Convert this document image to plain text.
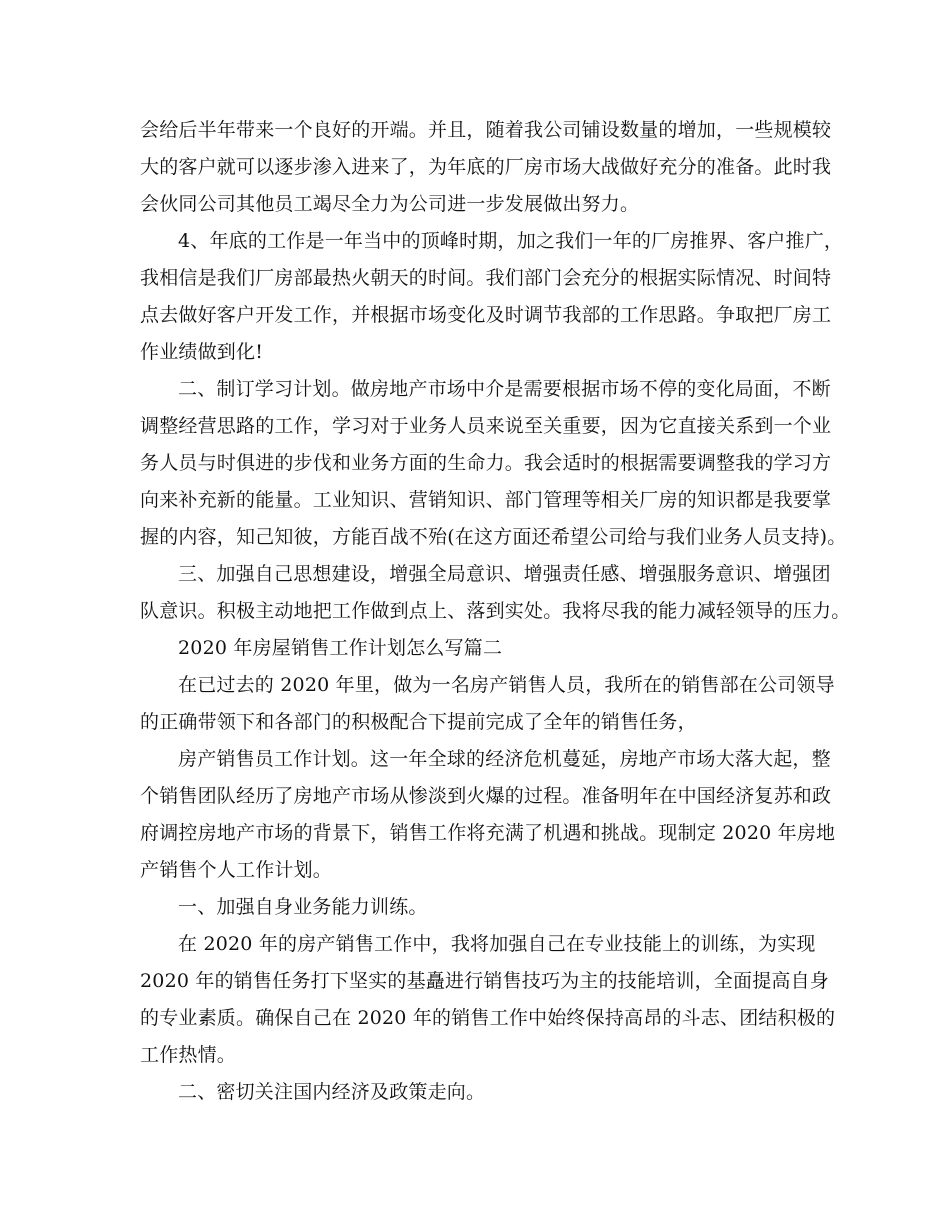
会给后半年带来一个良好的开端。并且，随着我公司铺设数量的增加，一些规模较
大的客户就可以逐步渗入进来了，为年底的厂房市场大战做好充分的准备。此时我
会伙同公司其他员工竭尽全力为公司进一步发展做出努力。
4、年底的工作是一年当中的顶峰时期，加之我们一年的厂房推界、客户推广，
我相信是我们厂房部最热火朝天的时间。我们部门会充分的根据实际情况、时间特
点去做好客户开发工作，并根据市场变化及时调节我部的工作思路。争取把厂房工
作业绩做到化!
二、制订学习计划。做房地产市场中介是需要根据市场不停的变化局面，不断
调整经营思路的工作，学习对于业务人员来说至关重要，因为它直接关系到一个业
务人员与时俱进的步伐和业务方面的生命力。我会适时的根据需要调整我的学习方
向来补充新的能量。工业知识、营销知识、部门管理等相关厂房的知识都是我要掌
握的内容，知己知彼，方能百战不殆(在这方面还希望公司给与我们业务人员支持)。
三、加强自己思想建设，增强全局意识、增强责任感、增强服务意识、增强团
队意识。积极主动地把工作做到点上、落到实处。我将尽我的能力减轻领导的压力。
2020 年房屋销售工作计划怎么写篇二
在已过去的 2020 年里，做为一名房产销售人员，我所在的销售部在公司领导
的正确带领下和各部门的积极配合下提前完成了全年的销售任务，
房产销售员工作计划。这一年全球的经济危机蔓延，房地产市场大落大起，整
个销售团队经历了房地产市场从惨淡到火爆的过程。准备明年在中国经济复苏和政
府调控房地产市场的背景下，销售工作将充满了机遇和挑战。现制定 2020 年房地
产销售个人工作计划。
一、加强自身业务能力训练。
在 2020 年的房产销售工作中，我将加强自己在专业技能上的训练，为实现
2020 年的销售任务打下坚实的基矗进行销售技巧为主的技能培训，全面提高自身
的专业素质。确保自己在 2020 年的销售工作中始终保持高昂的斗志、团结积极的
工作热情。
二、密切关注国内经济及政策走向。
